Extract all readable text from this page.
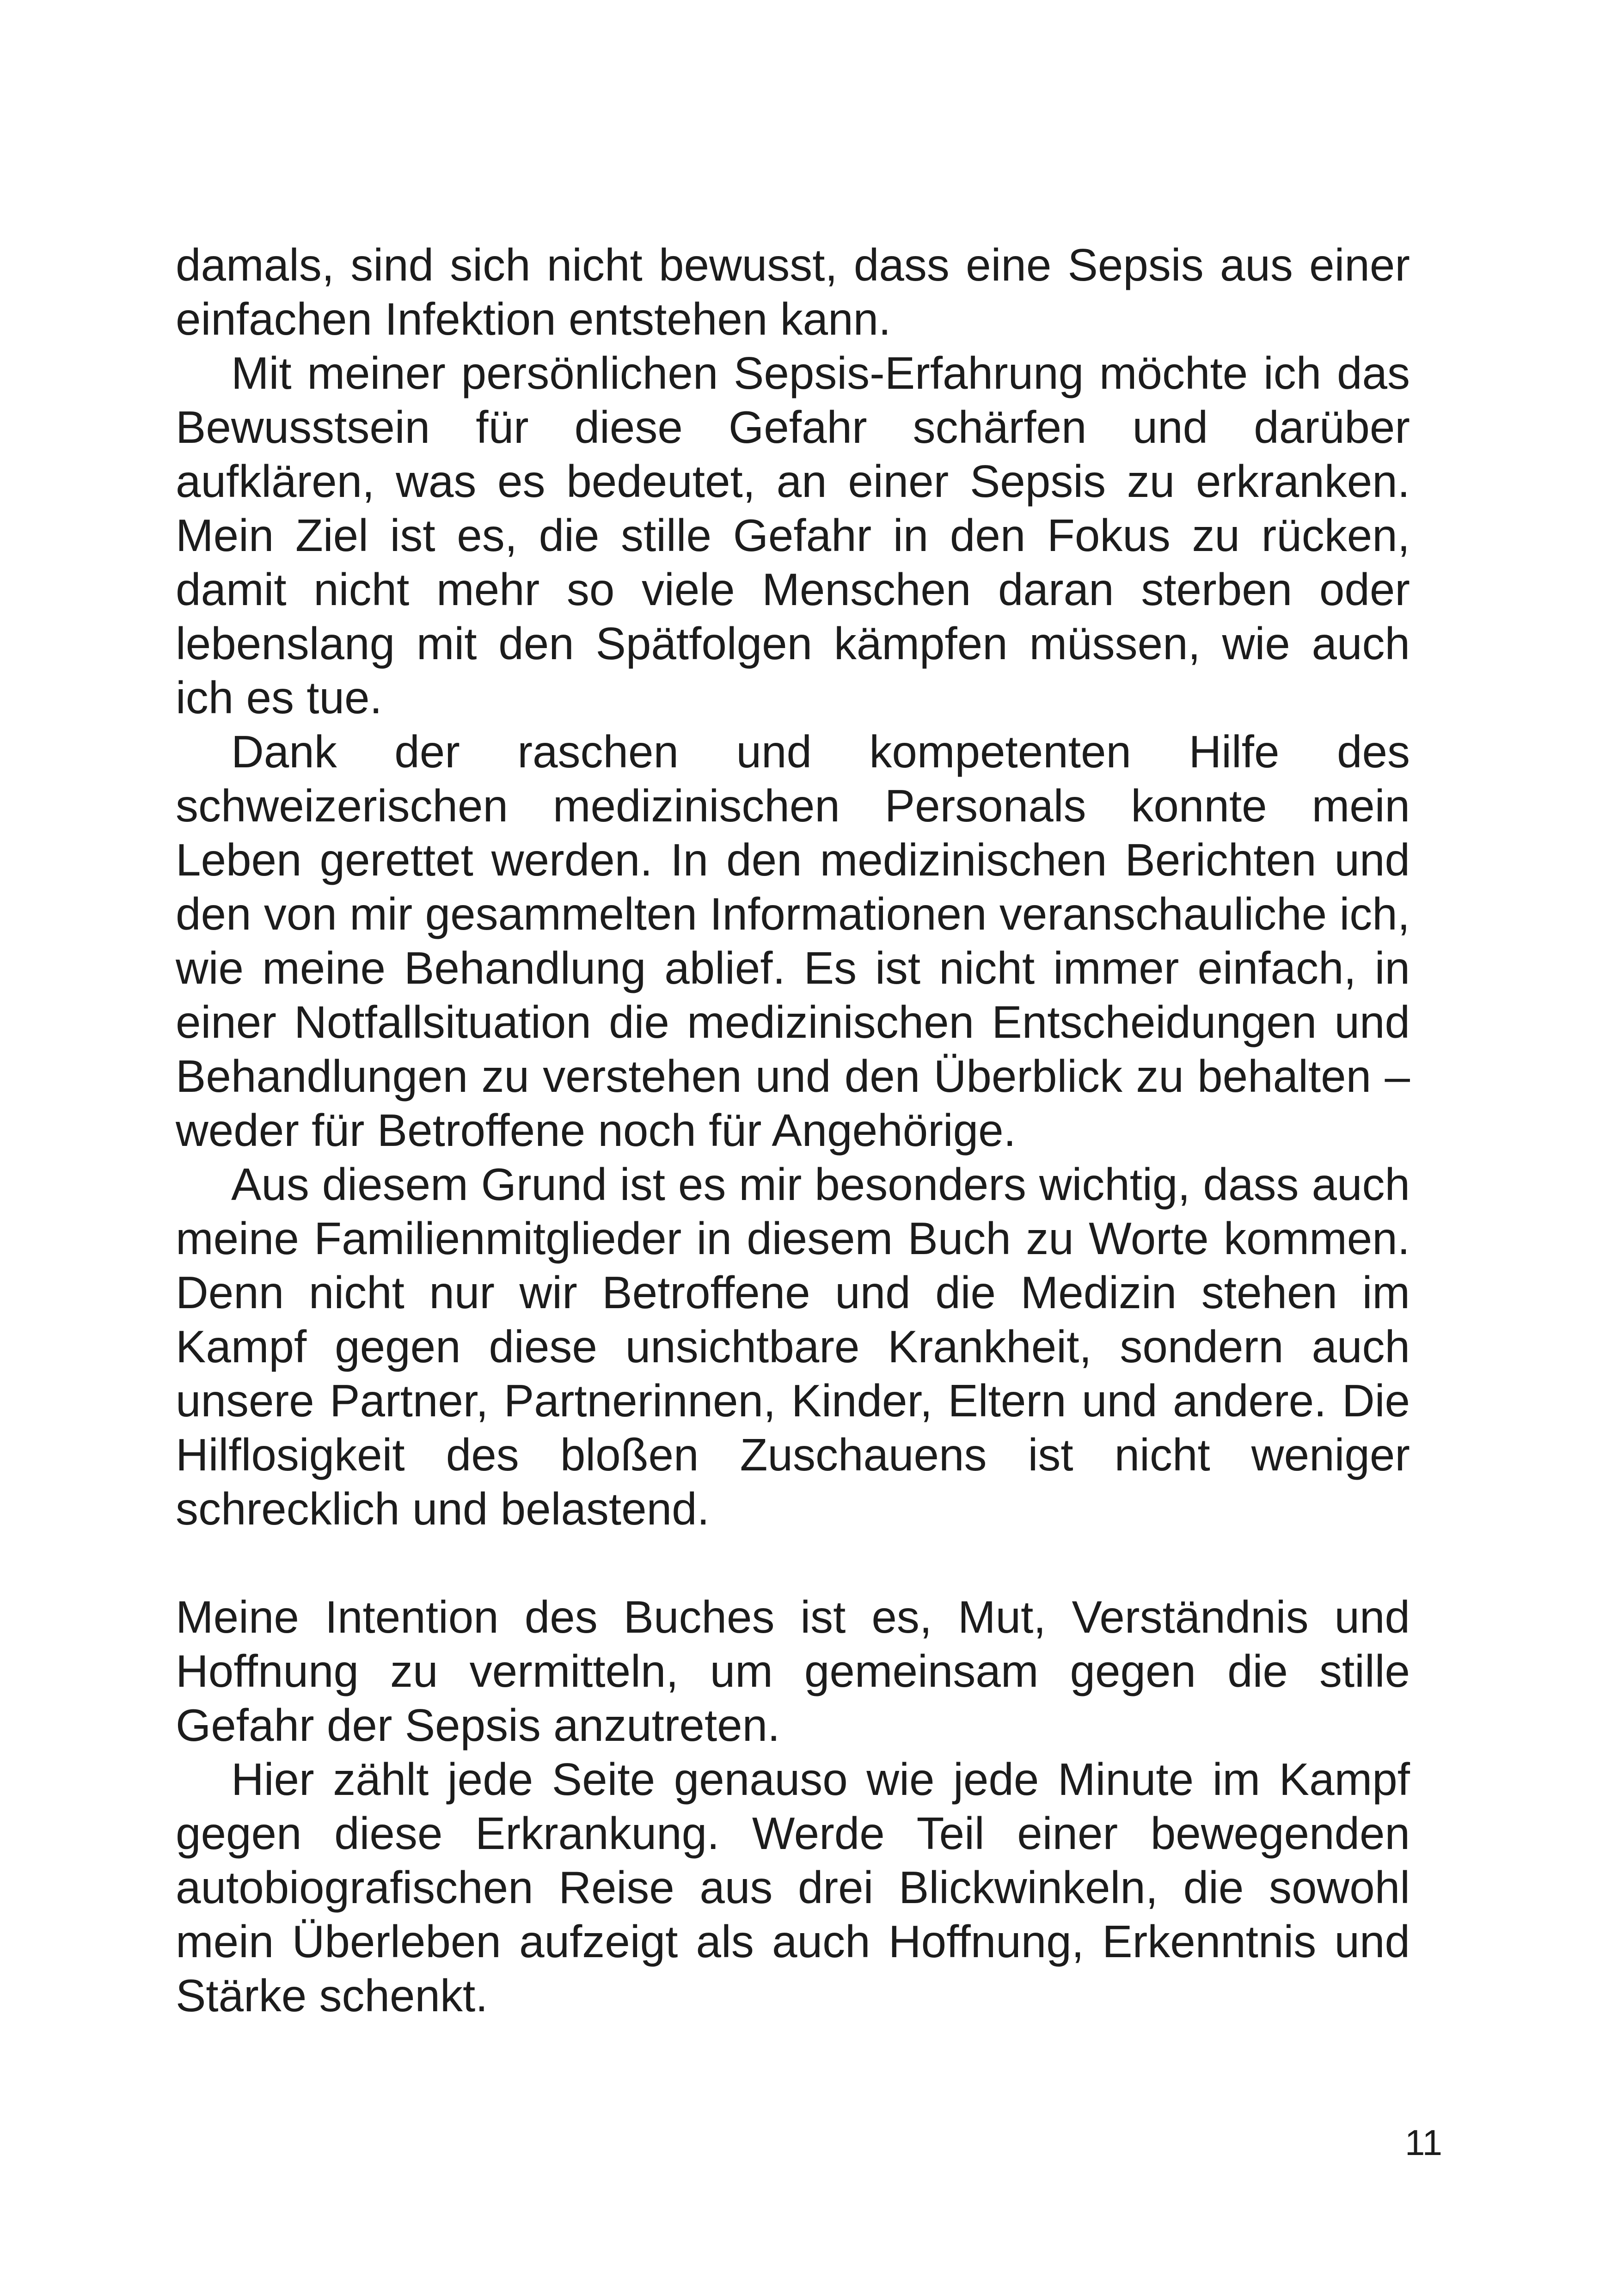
damals, sind sich nicht bewusst, dass eine Sepsis aus einer einfachen Infektion entstehen kann.

Mit meiner persönlichen Sepsis-Erfahrung möchte ich das Bewusstsein für diese Gefahr schärfen und darüber aufklären, was es bedeutet, an einer Sepsis zu erkranken. Mein Ziel ist es, die stille Gefahr in den Fokus zu rücken, damit nicht mehr so viele Menschen daran sterben oder lebenslang mit den Spätfolgen kämpfen müssen, wie auch ich es tue.

Dank der raschen und kompetenten Hilfe des schweizerischen medizinischen Personals konnte mein Leben gerettet werden. In den medizinischen Berichten und den von mir gesammelten Informationen veranschauliche ich, wie meine Behandlung ablief. Es ist nicht immer einfach, in einer Notfallsituation die medizinischen Entscheidungen und Behandlungen zu verstehen und den Überblick zu behalten – weder für Betroffene noch für Angehörige.

Aus diesem Grund ist es mir besonders wichtig, dass auch meine Familienmitglieder in diesem Buch zu Worte kommen. Denn nicht nur wir Betroffene und die Medizin stehen im Kampf gegen diese unsichtbare Krankheit, sondern auch unsere Partner, Partnerinnen, Kinder, Eltern und andere. Die Hilflosigkeit des bloßen Zuschauens ist nicht weniger schrecklich und belastend.

Meine Intention des Buches ist es, Mut, Verständnis und Hoffnung zu vermitteln, um gemeinsam gegen die stille Gefahr der Sepsis anzutreten.

Hier zählt jede Seite genauso wie jede Minute im Kampf gegen diese Erkrankung. Werde Teil einer bewegenden autobiografischen Reise aus drei Blickwinkeln, die sowohl mein Überleben aufzeigt als auch Hoffnung, Erkenntnis und Stärke schenkt.

11
